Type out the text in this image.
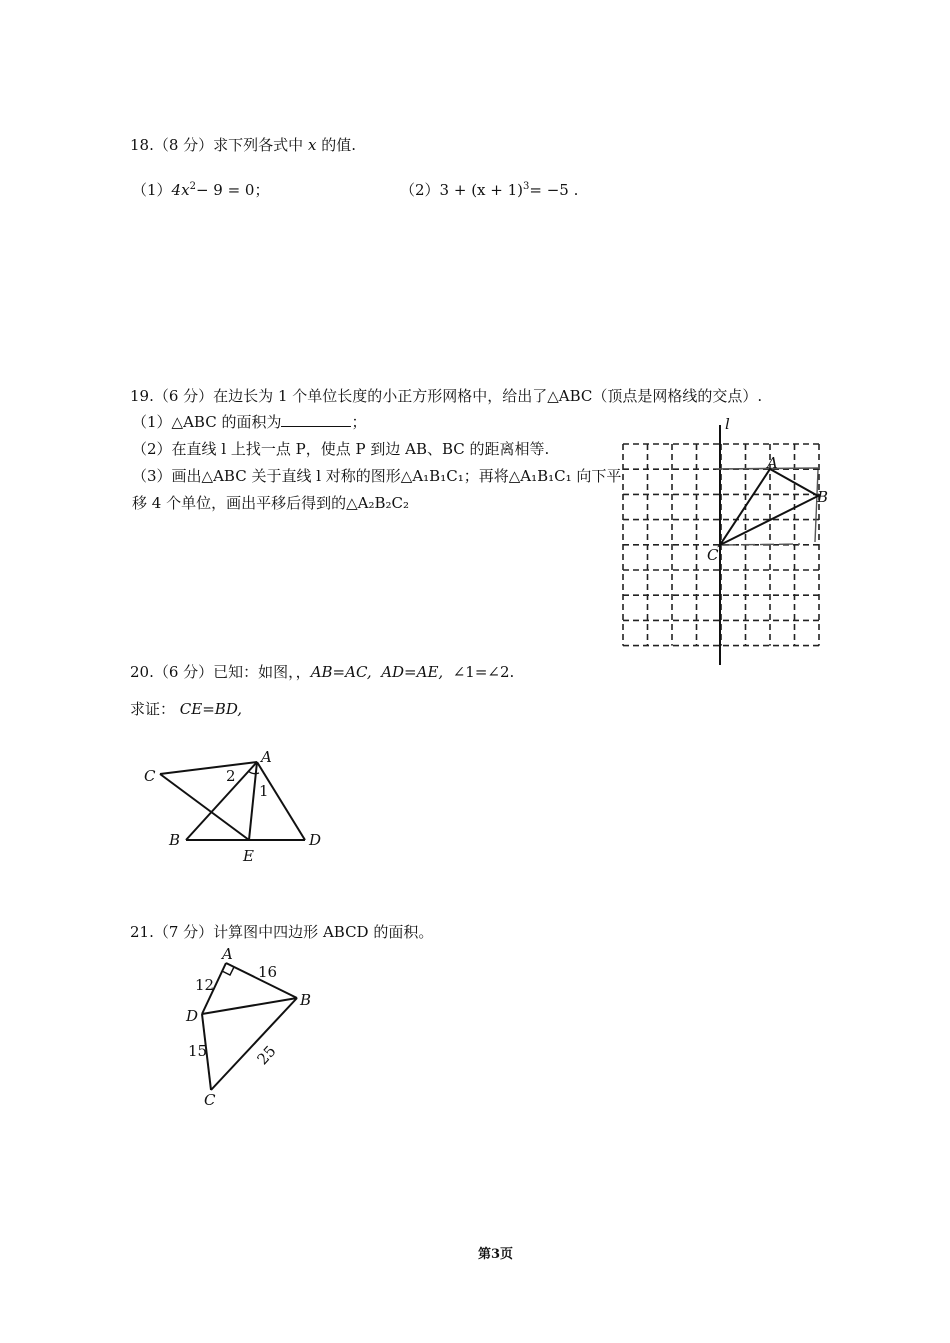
18.（8 分）求下列各式中 x 的值.
$(1)4x^2- 9 = 0$；	$(2)3 + (x + 1)^3= -5$ .
19.（6 分）在边长为 1 个单位长度的小正方形网格中，给出了△ABC（顶点是网格线的交点）.
（1）△ABC 的面积为	；
（2）在直线 l 上找一点 P，使点 P 到边 AB、BC 的距离相等.
（3）画出△ABC 关于直线 l 对称的图形△A₁B₁C₁；再将△A₁B₁C₁ 向下平
移 4 个单位，画出平移后得到的△A₂B₂C₂
l
A
B
C
20.（6 分）已知：如图，，AB=AC, AD=AE, ∠1=∠2.
求证： CE=BD,
A
B
C
D
E
1
2
21.（7 分）计算图中四边形 ABCD 的面积。
A
B
C
D
12
16
15	25
第3页
